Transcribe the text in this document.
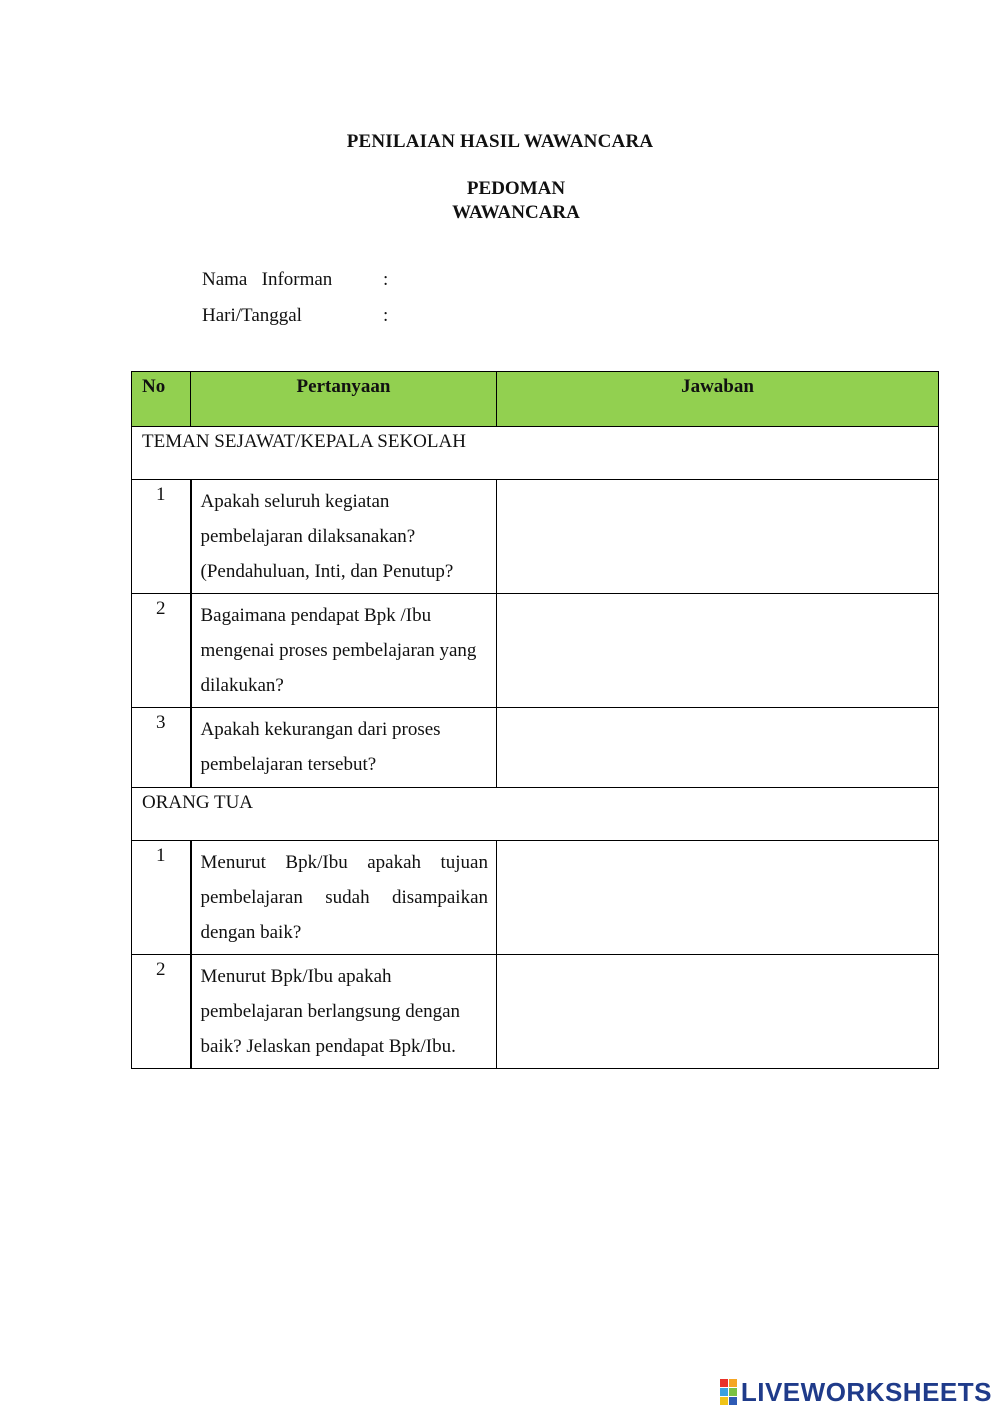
PENILAIAN HASIL WAWANCARA
PEDOMAN
WAWANCARA
Nama   Informan	:
Hari/Tanggal	:
No	Pertanyaan	Jawaban
TEMAN SEJAWAT/KEPALA SEKOLAH		
1	Apakah seluruh kegiatan pembelajaran dilaksanakan? (Pendahuluan, Inti, dan Penutup?	
2	Bagaimana pendapat Bpk /Ibu mengenai proses pembelajaran yang dilakukan?	
3	Apakah kekurangan dari proses pembelajaran tersebut?	
ORANG TUA		
1	Menurut Bpk/Ibu apakah tujuan pembelajaran sudah disampaikan dengan baik?	
2	Menurut Bpk/Ibu apakah pembelajaran berlangsung dengan baik? Jelaskan pendapat Bpk/Ibu.	
LIVEWORKSHEETS
